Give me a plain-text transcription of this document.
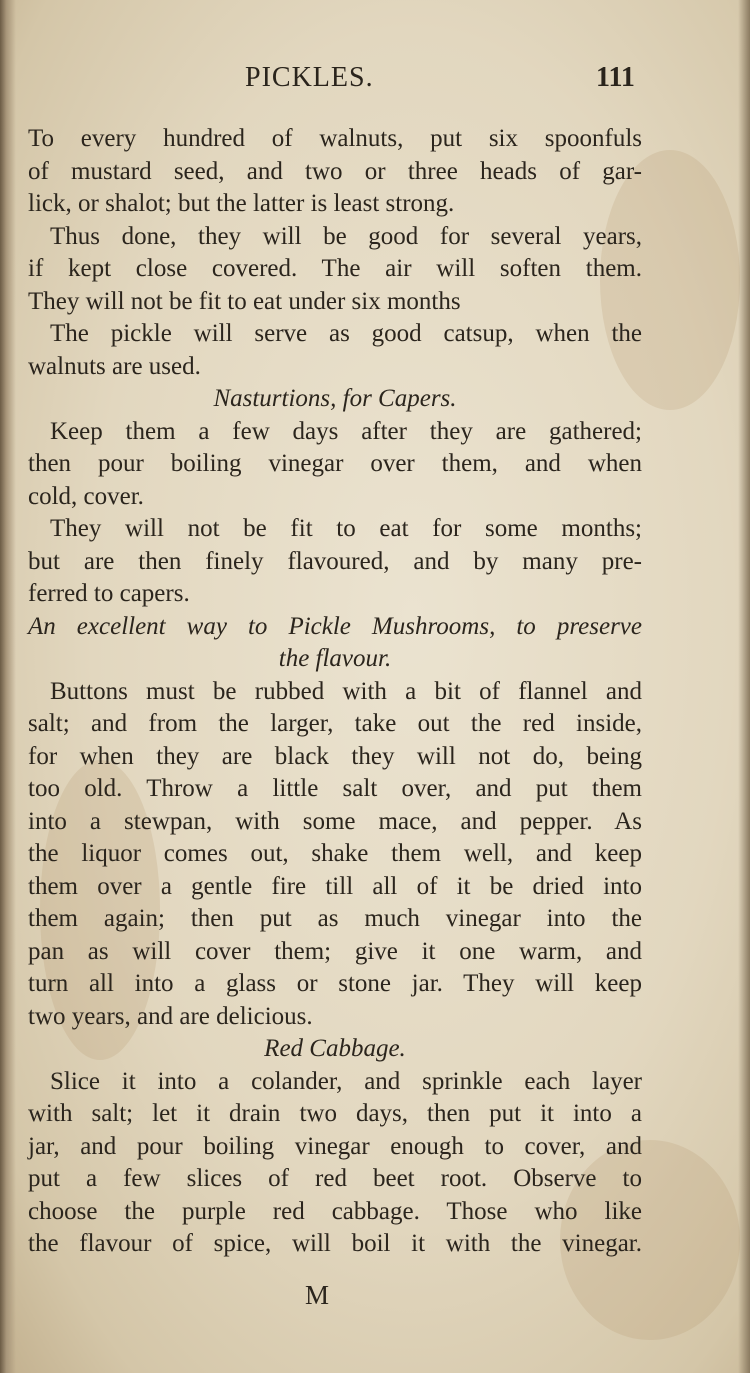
PICKLES.	111
To every hundred of walnuts, put six spoonfuls
of mustard seed, and two or three heads of gar-
lick, or shalot; but the latter is least strong.
Thus done, they will be good for several years,
if kept close covered. The air will soften them.
They will not be fit to eat under six months
The pickle will serve as good catsup, when the
walnuts are used.
Nasturtions, for Capers.
Keep them a few days after they are gathered;
then pour boiling vinegar over them, and when
cold, cover.
They will not be fit to eat for some months;
but are then finely flavoured, and by many pre-
ferred to capers.
An excellent way to Pickle Mushrooms, to preserve
the flavour.
Buttons must be rubbed with a bit of flannel and
salt; and from the larger, take out the red inside,
for when they are black they will not do, being
too old. Throw a little salt over, and put them
into a stewpan, with some mace, and pepper. As
the liquor comes out, shake them well, and keep
them over a gentle fire till all of it be dried into
them again; then put as much vinegar into the
pan as will cover them; give it one warm, and
turn all into a glass or stone jar. They will keep
two years, and are delicious.
Red Cabbage.
Slice it into a colander, and sprinkle each layer
with salt; let it drain two days, then put it into a
jar, and pour boiling vinegar enough to cover, and
put a few slices of red beet root. Observe to
choose the purple red cabbage. Those who like
the flavour of spice, will boil it with the vinegar.
M
